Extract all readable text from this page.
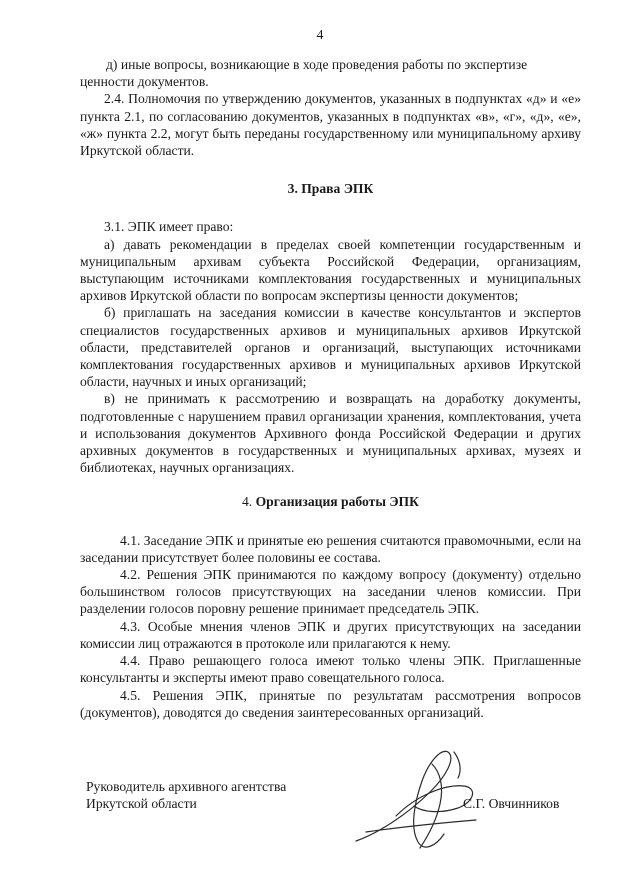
4

д) иные вопросы, возникающие в ходе проведения работы по экспертизе

ценности документов.

2.4. Полномочия по утверждению документов, указанных в подпунктах «д» и «е» пункта 2.1, по согласованию документов, указанных в подпунктах «в», «г», «д», «е», «ж» пункта 2.2, могут быть переданы государственному или муниципальному архиву Иркутской области.

3. Права ЭПК

3.1. ЭПК имеет право:

а) давать рекомендации в пределах своей компетенции государственным и муниципальным архивам субъекта Российской Федерации, организациям, выступающим источниками комплектования государственных и муниципальных архивов Иркутской области по вопросам экспертизы ценности документов;

б) приглашать на заседания комиссии в качестве консультантов и экспертов специалистов государственных архивов и муниципальных архивов Иркутской области, представителей органов и организаций, выступающих источниками комплектования государственных архивов и муниципальных архивов Иркутской области, научных и иных организаций;

в) не принимать к рассмотрению и возвращать на доработку документы, подготовленные с нарушением правил организации хранения, комплектования, учета и использования документов Архивного фонда Российской Федерации и других архивных документов в государственных и муниципальных архивах, музеях и библиотеках, научных организациях.

4. Организация работы ЭПК

4.1. Заседание ЭПК и принятые ею решения считаются правомочными, если на заседании присутствует более половины ее состава.

4.2. Решения ЭПК принимаются по каждому вопросу (документу) отдельно большинством голосов присутствующих на заседании членов комиссии. При разделении голосов поровну решение принимает председатель ЭПК.

4.3. Особые мнения членов ЭПК и других присутствующих на заседании комиссии лиц отражаются в протоколе или прилагаются к нему.

4.4. Право решающего голоса имеют только члены ЭПК. Приглашенные консультанты и эксперты имеют право совещательного голоса.

4.5. Решения ЭПК, принятые по результатам рассмотрения вопросов (документов), доводятся до сведения заинтересованных организаций.

Руководитель архивного агентства
Иркутской области	С.Г. Овчинников
